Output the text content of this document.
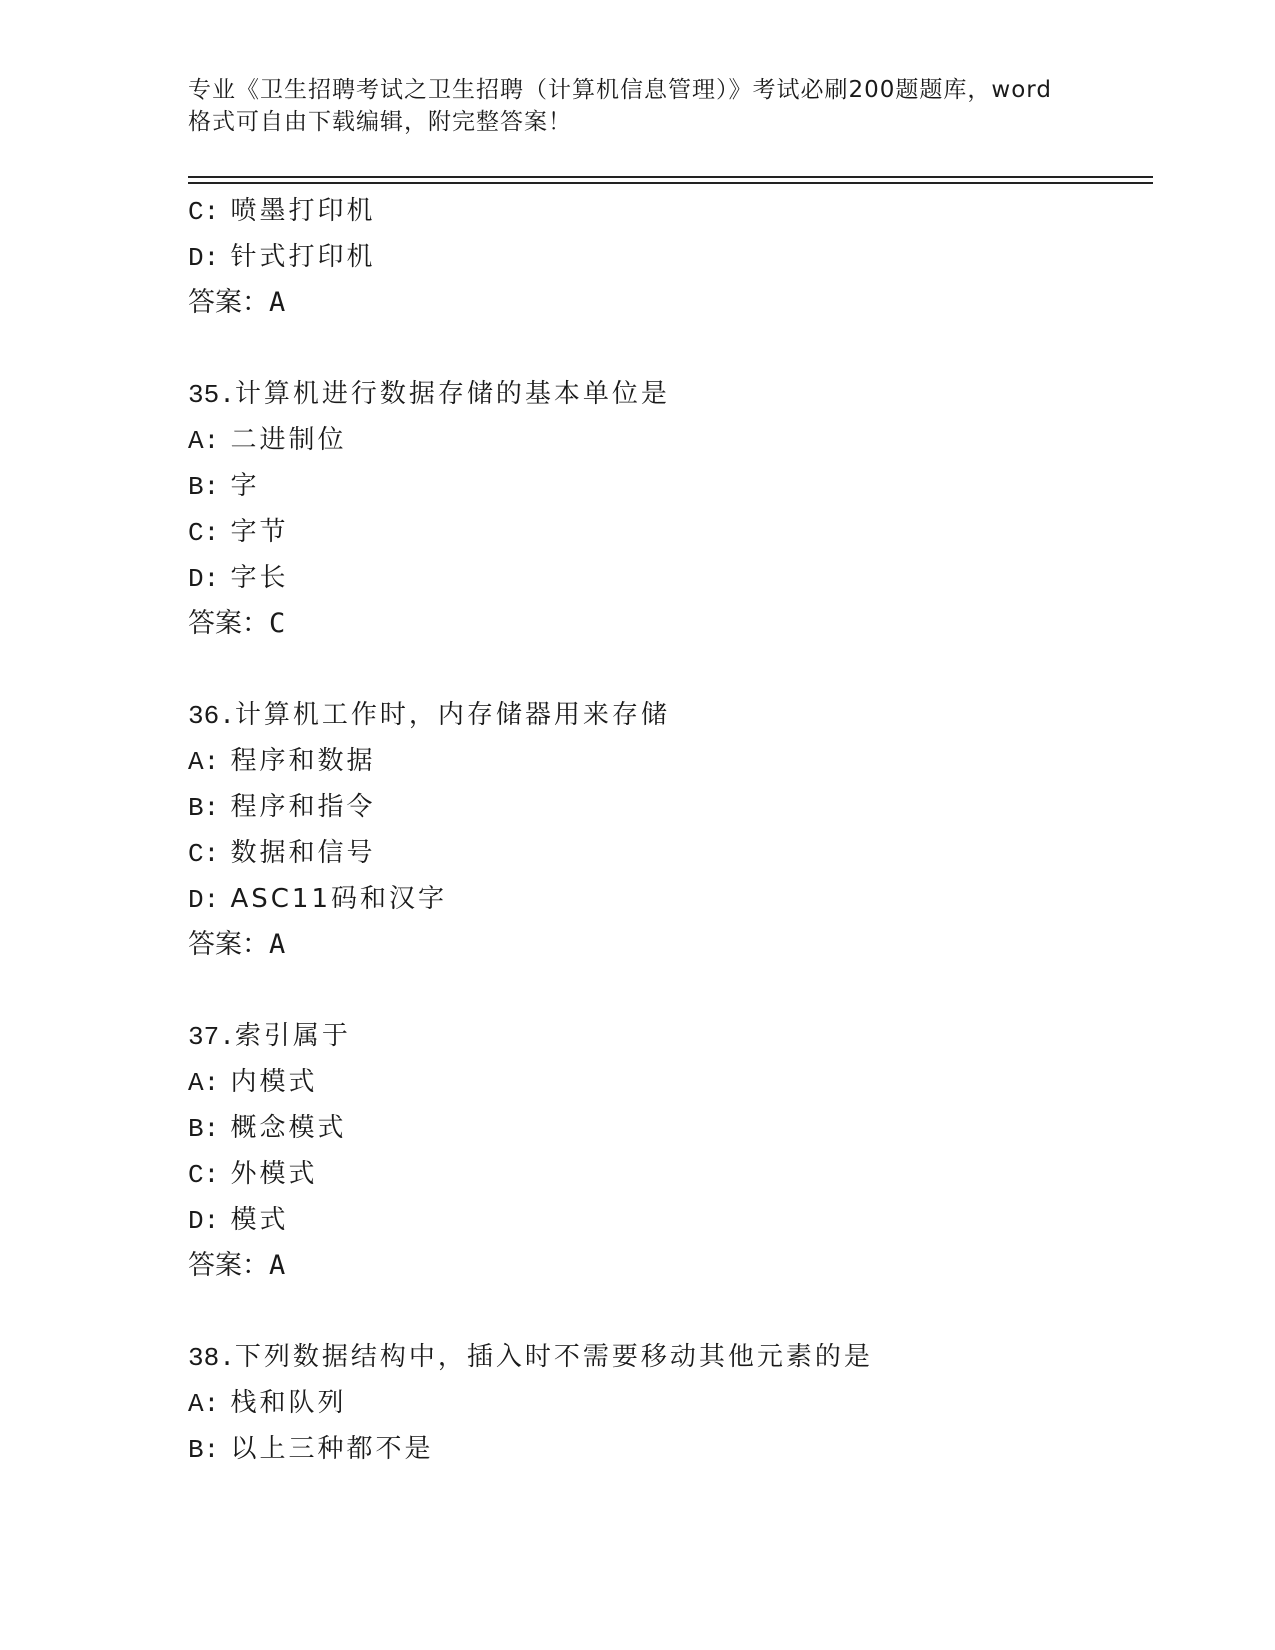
专业《卫生招聘考试之卫生招聘（计算机信息管理）》考试必刷200题题库，word
格式可自由下载编辑，附完整答案！
C: 喷墨打印机
D: 针式打印机
答案：A
35.计算机进行数据存储的基本单位是
A: 二进制位
B: 字
C: 字节
D: 字长
答案：C
36.计算机工作时，内存储器用来存储
A: 程序和数据
B: 程序和指令
C: 数据和信号
D: ASC11码和汉字
答案：A
37.索引属于
A: 内模式
B: 概念模式
C: 外模式
D: 模式
答案：A
38.下列数据结构中，插入时不需要移动其他元素的是
A: 栈和队列
B: 以上三种都不是
